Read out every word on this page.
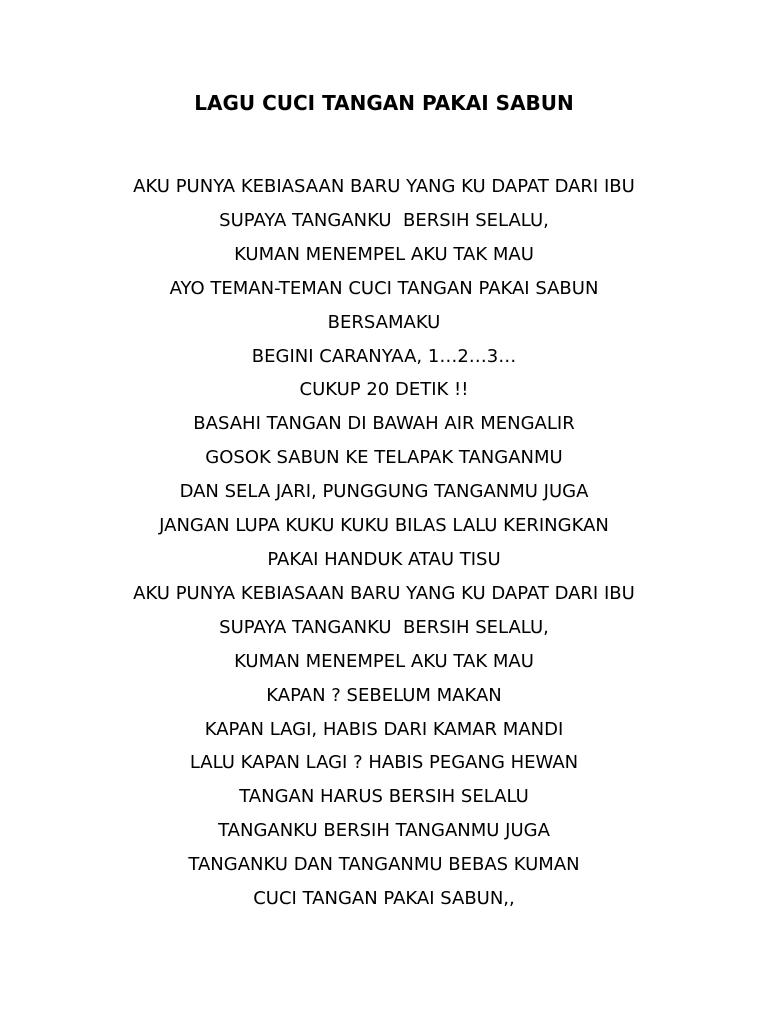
LAGU CUCI TANGAN PAKAI SABUN
AKU PUNYA KEBIASAAN BARU YANG KU DAPAT DARI IBU
SUPAYA TANGANKU  BERSIH SELALU,
KUMAN MENEMPEL AKU TAK MAU
AYO TEMAN-TEMAN CUCI TANGAN PAKAI SABUN
BERSAMAKU
BEGINI CARANYAA, 1…2…3…
CUKUP 20 DETIK !!
BASAHI TANGAN DI BAWAH AIR MENGALIR
GOSOK SABUN KE TELAPAK TANGANMU
DAN SELA JARI, PUNGGUNG TANGANMU JUGA
JANGAN LUPA KUKU KUKU BILAS LALU KERINGKAN
PAKAI HANDUK ATAU TISU
AKU PUNYA KEBIASAAN BARU YANG KU DAPAT DARI IBU
SUPAYA TANGANKU  BERSIH SELALU,
KUMAN MENEMPEL AKU TAK MAU
KAPAN ? SEBELUM MAKAN
KAPAN LAGI, HABIS DARI KAMAR MANDI
LALU KAPAN LAGI ? HABIS PEGANG HEWAN
TANGAN HARUS BERSIH SELALU
TANGANKU BERSIH TANGANMU JUGA
TANGANKU DAN TANGANMU BEBAS KUMAN
CUCI TANGAN PAKAI SABUN,,
